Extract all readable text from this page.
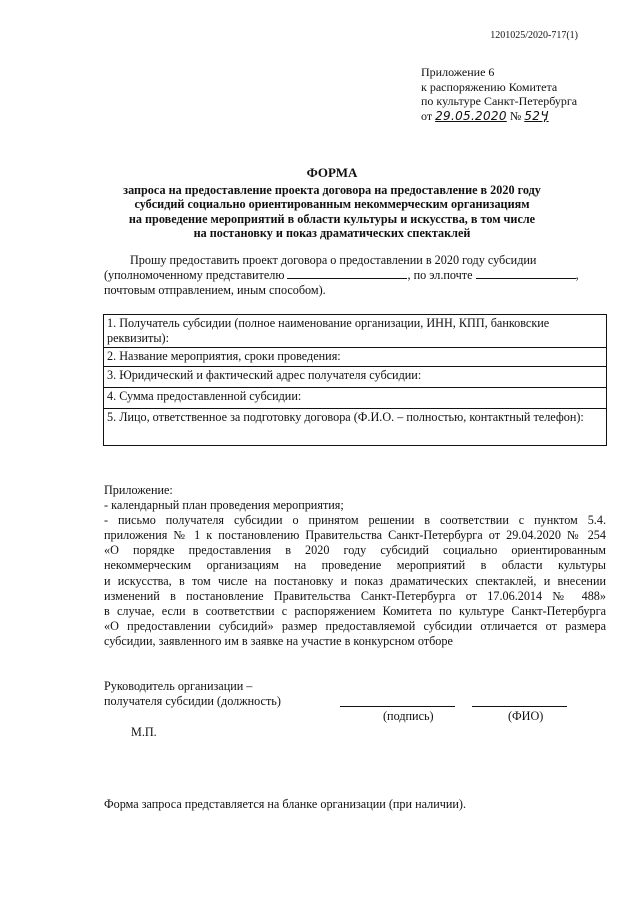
1201025/2020-717(1)
Приложение 6
к распоряжению Комитета
по культуре Санкт-Петербурга
от 29.05.2020 № 52Ӌ
ФОРМА
запроса на предоставление проекта договора на предоставление в 2020 году
субсидий социально ориентированным некоммерческим организациям
на проведение мероприятий в области культуры и искусства, в том числе
на постановку и показ драматических спектаклей
Прошу предоставить проект договора о предоставлении в 2020 году субсидии
(уполномоченному представителю	, по эл.почте	,
почтовым отправлением, иным способом).
1. Получатель субсидии (полное наименование организации, ИНН, КПП, банковские реквизиты):
2. Название мероприятия, сроки проведения:
3. Юридический и фактический адрес получателя субсидии:
4. Сумма предоставленной субсидии:
5. Лицо, ответственное за подготовку договора (Ф.И.О. – полностью, контактный телефон):
Приложение:
- календарный план проведения мероприятия;
- письмо получателя субсидии о принятом решении в соответствии с пунктом 5.4.
приложения № 1 к постановлению Правительства Санкт-Петербурга от 29.04.2020 № 254
«О порядке предоставления в 2020 году субсидий социально ориентированным
некоммерческим организациям на проведение мероприятий в области культуры
и искусства, в том числе на постановку и показ драматических спектаклей, и внесении
изменений в постановление Правительства Санкт-Петербурга от 17.06.2014 № 488»
в случае, если в соответствии с распоряжением Комитета по культуре Санкт-Петербурга
«О предоставлении субсидий» размер предоставляемой субсидии отличается от размера
субсидии, заявленного им в заявке на участие в конкурсном отборе
Руководитель организации –
получателя субсидии (должность)
(подпись)	(ФИО)
М.П.
Форма запроса представляется на бланке организации (при наличии).
